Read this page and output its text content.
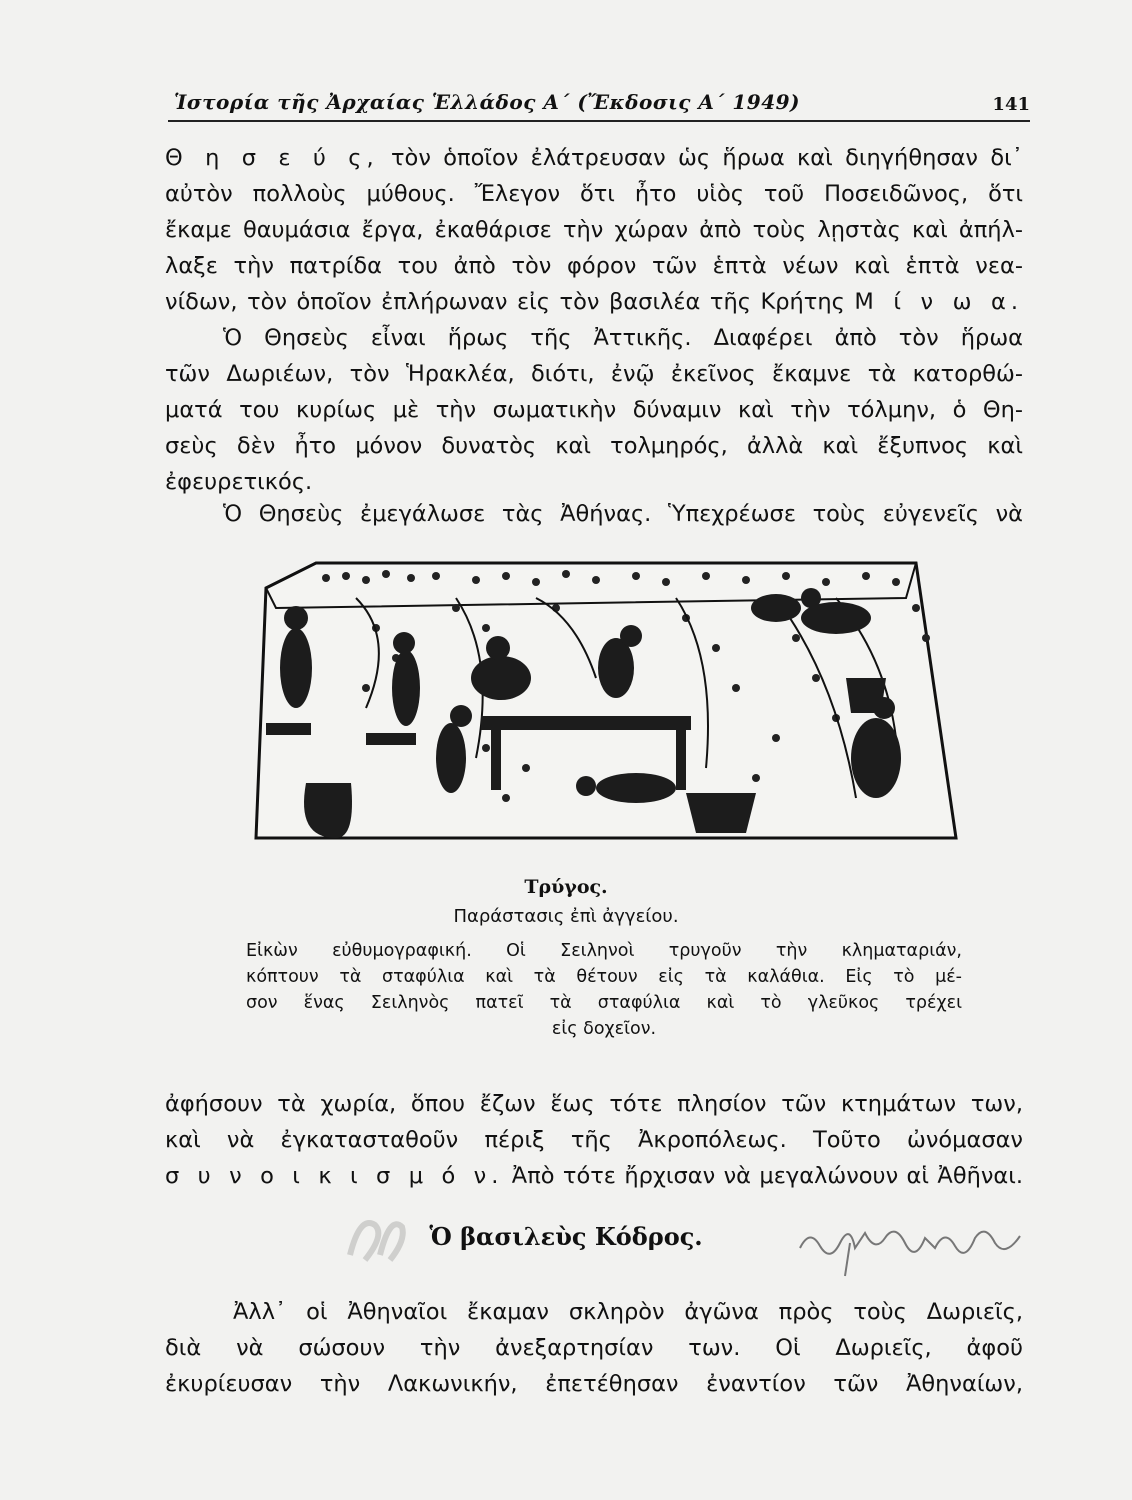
Ἱστορία τῆς Ἀρχαίας Ἑλλάδος Α΄ (Ἔκδοσις Α΄ 1949)	141
Θ η σ ε ύ ς, τὸν ὁποῖον ἐλάτρευσαν ὡς ἥρωα καὶ διηγήθησαν δι᾿
αὐτὸν πολλοὺς μύθους. Ἔλεγον ὅτι ἦτο υἱὸς τοῦ Ποσειδῶνος, ὅτι
ἔκαμε θαυμάσια ἔργα, ἐκαθάρισε τὴν χώραν ἀπὸ τοὺς λῃστὰς καὶ ἀπήλ-
λαξε τὴν πατρίδα του ἀπὸ τὸν φόρον τῶν ἑπτὰ νέων καὶ ἑπτὰ νεα-
νίδων, τὸν ὁποῖον ἐπλήρωναν εἰς τὸν βασιλέα τῆς Κρήτης Μ ί ν ω α.
Ὁ Θησεὺς εἶναι ἥρως τῆς Ἀττικῆς. Διαφέρει ἀπὸ τὸν ἥρωα
τῶν Δωριέων, τὸν Ἡρακλέα, διότι, ἐνῷ ἐκεῖνος ἔκαμνε τὰ κατορθώ-
ματά του κυρίως μὲ τὴν σωματικὴν δύναμιν καὶ τὴν τόλμην, ὁ Θη-
σεὺς δὲν ἦτο μόνον δυνατὸς καὶ τολμηρός, ἀλλὰ καὶ ἔξυπνος καὶ
ἐφευρετικός.
Ὁ Θησεὺς ἐμεγάλωσε τὰς Ἀθήνας. Ὑπεχρέωσε τοὺς εὐγενεῖς νὰ
Τρύγος.
Παράστασις ἐπὶ ἀγγείου.
Εἰκὼν εὐθυμογραφική. Οἱ Σειληνοὶ τρυγοῦν τὴν κληματαριάν,
κόπτουν τὰ σταφύλια καὶ τὰ θέτουν εἰς τὰ καλάθια. Εἰς τὸ μέ-
σον ἕνας Σειληνὸς πατεῖ τὰ σταφύλια καὶ τὸ γλεῦκος τρέχει
εἰς δοχεῖον.
ἀφήσουν τὰ χωρία, ὅπου ἔζων ἕως τότε πλησίον τῶν κτημάτων των,
καὶ νὰ ἐγκατασταθοῦν πέριξ τῆς Ἀκροπόλεως. Τοῦτο ὠνόμασαν
σ υ ν ο ι κ ι σ μ ό ν. Ἀπὸ τότε ἤρχισαν νὰ μεγαλώνουν αἱ Ἀθῆναι.
Ὁ βασιλεὺς Κόδρος.
Ἀλλ᾿ οἱ Ἀθηναῖοι ἔκαμαν σκληρὸν ἀγῶνα πρὸς τοὺς Δωριεῖς,
διὰ νὰ σώσουν τὴν ἀνεξαρτησίαν των. Οἱ Δωριεῖς, ἀφοῦ
ἐκυρίευσαν τὴν Λακωνικήν, ἐπετέθησαν ἐναντίον τῶν Ἀθηναίων,
